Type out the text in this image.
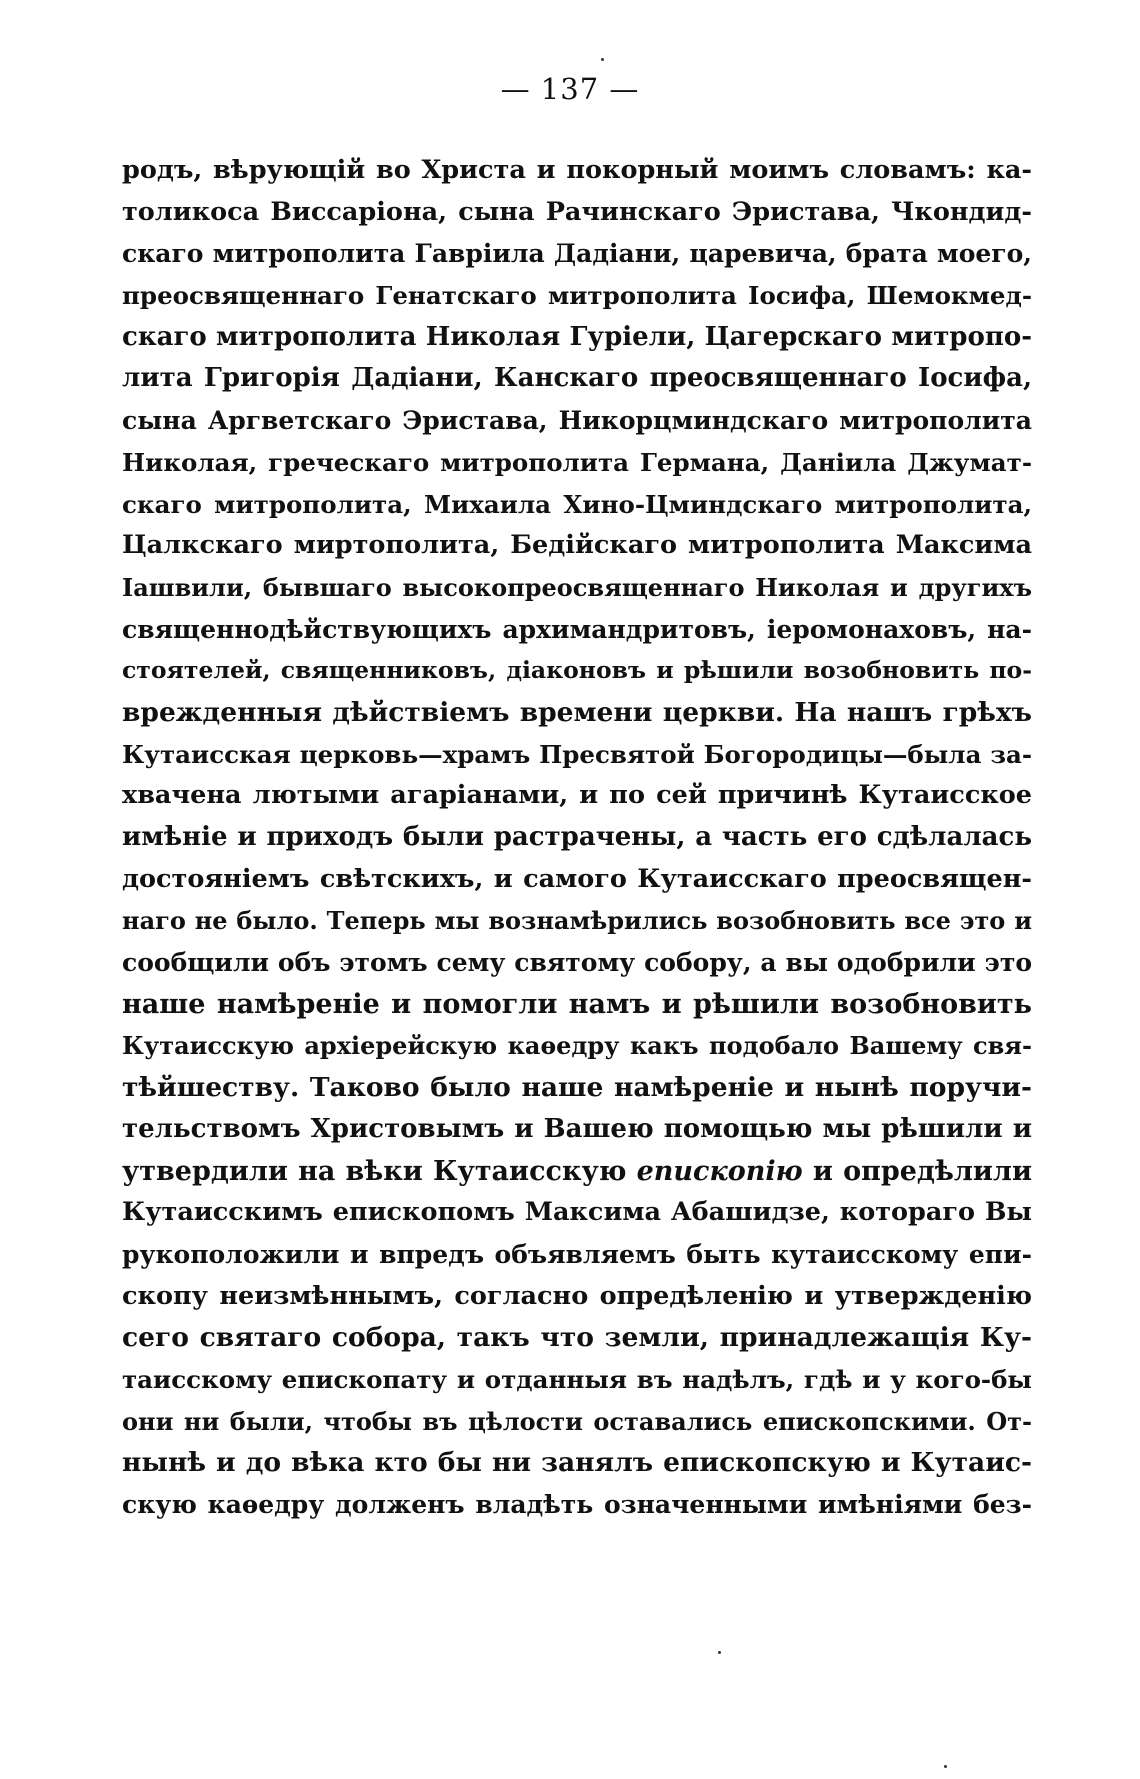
— 137 —

родъ, вѣрующій во Христа и покорный моимъ словамъ: ка-
толикоса Виссаріона, сына Рачинскаго Эристава, Чкондид-
скаго митрополита Гавріила Дадіани, царевича, брата моего,
преосвященнаго Генатскаго митрополита Іосифа, Шемокмед-
скаго митрополита Николая Гуріели, Цагерскаго митропо-
лита Григорія Дадіани, Канскаго преосвященнаго Іосифа,
сына Аргветскаго Эристава, Никорцминдскаго митрополита
Николая, греческаго митрополита Германа, Даніила Джумат-
скаго митрополита, Михаила Хино-Цминдскаго митрополита,
Цалкскаго миртополита, Бедійскаго митрополита Максима
Іашвили, бывшаго высокопреосвященнаго Николая и другихъ
священнодѣйствующихъ архимандритовъ, іеромонаховъ, на-
стоятелей, священниковъ, діаконовъ и рѣшили возобновить по-
врежденныя дѣйствіемъ времени церкви. На нашъ грѣхъ
Кутаисская церковь—храмъ Пресвятой Богородицы—была за-
хвачена лютыми агаріанами, и по сей причинѣ Кутаисское
имѣніе и приходъ были растрачены, а часть его сдѣлалась
достояніемъ свѣтскихъ, и самого Кутаисскаго преосвящен-
наго не было. Теперь мы вознамѣрились возобновить все это и
сообщили объ этомъ сему святому собору, а вы одобрили это
наше намѣреніе и помогли намъ и рѣшили возобновить
Кутаисскую архіерейскую каѳедру какъ подобало Вашему свя-
тѣйшеству. Таково было наше намѣреніе и нынѣ поручи-
тельствомъ Христовымъ и Вашею помощью мы рѣшили и
утвердили на вѣки Кутаисскую епископію и опредѣлили
Кутаисскимъ епископомъ Максима Абашидзе, котораго Вы
рукоположили и впредъ объявляемъ быть кутаисскому епи-
скопу неизмѣннымъ, согласно опредѣленію и утвержденію
сего святаго собора, такъ что земли, принадлежащія Ку-
таисскому епископату и отданныя въ надѣлъ, гдѣ и у кого-бы
они ни были, чтобы въ цѣлости оставались епископскими. От-
нынѣ и до вѣка кто бы ни занялъ епископскую и Кутаис-
скую каѳедру долженъ владѣть означенными имѣніями без-
